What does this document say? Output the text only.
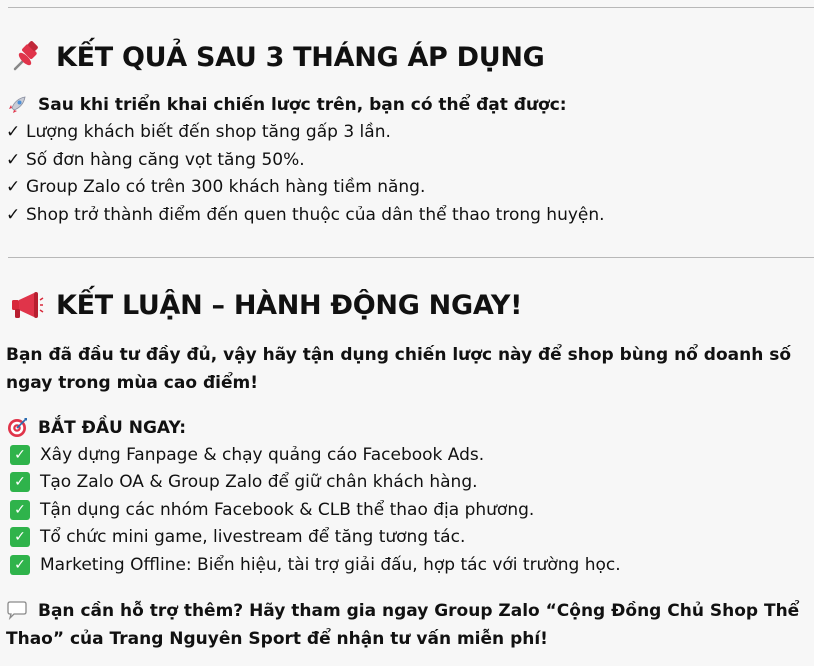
KẾT QUẢ SAU 3 THÁNG ÁP DỤNG
Sau khi triển khai chiến lược trên, bạn có thể đạt được:
✓ Lượng khách biết đến shop tăng gấp 3 lần.
✓ Số đơn hàng căng vọt tăng 50%.
✓ Group Zalo có trên 300 khách hàng tiềm năng.
✓ Shop trở thành điểm đến quen thuộc của dân thể thao trong huyện.
KẾT LUẬN – HÀNH ĐỘNG NGAY!
Bạn đã đầu tư đầy đủ, vậy hãy tận dụng chiến lược này để shop bùng nổ doanh số ngay trong mùa cao điểm!
BẮT ĐẦU NGAY:
✓ Xây dựng Fanpage & chạy quảng cáo Facebook Ads.
✓ Tạo Zalo OA & Group Zalo để giữ chân khách hàng.
✓ Tận dụng các nhóm Facebook & CLB thể thao địa phương.
✓ Tổ chức mini game, livestream để tăng tương tác.
✓ Marketing Offline: Biển hiệu, tài trợ giải đấu, hợp tác với trường học.
Bạn cần hỗ trợ thêm? Hãy tham gia ngay Group Zalo “Cộng Đồng Chủ Shop Thể Thao” của Trang Nguyên Sport để nhận tư vấn miễn phí!
